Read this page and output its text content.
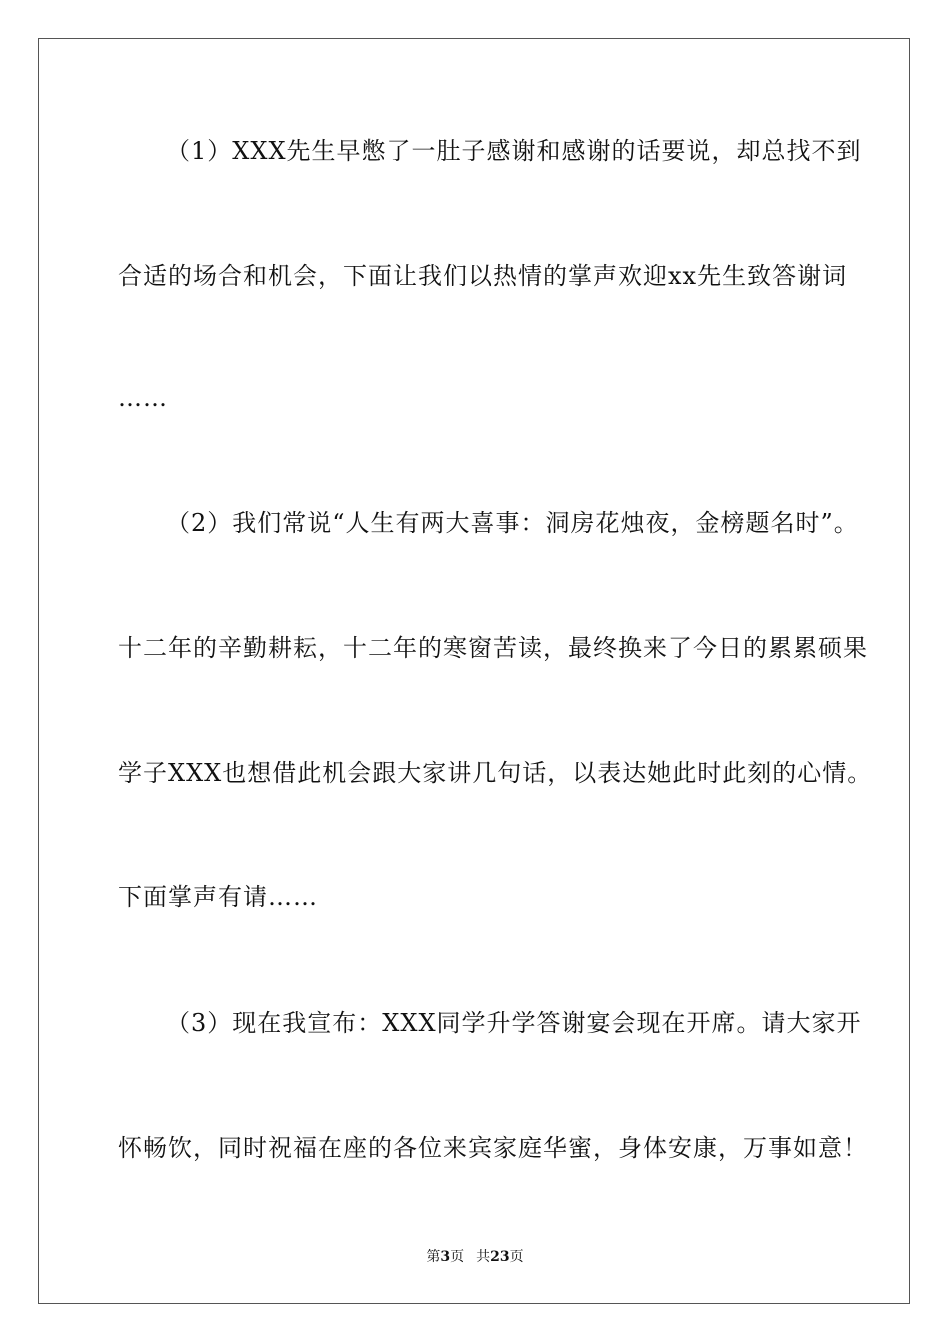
（1）XXX先生早憋了一肚子感谢和感谢的话要说，却总找不到
合适的场合和机会，下面让我们以热情的掌声欢迎xx先生致答谢词
……
（2）我们常说“人生有两大喜事：洞房花烛夜，金榜题名时”。
十二年的辛勤耕耘，十二年的寒窗苦读，最终换来了今日的累累硕果
学子XXX也想借此机会跟大家讲几句话，以表达她此时此刻的心情。
下面掌声有请……
（3）现在我宣布：XXX同学升学答谢宴会现在开席。请大家开
怀畅饮，同时祝福在座的各位来宾家庭华蜜，身体安康，万事如意！
第3页 共23页
